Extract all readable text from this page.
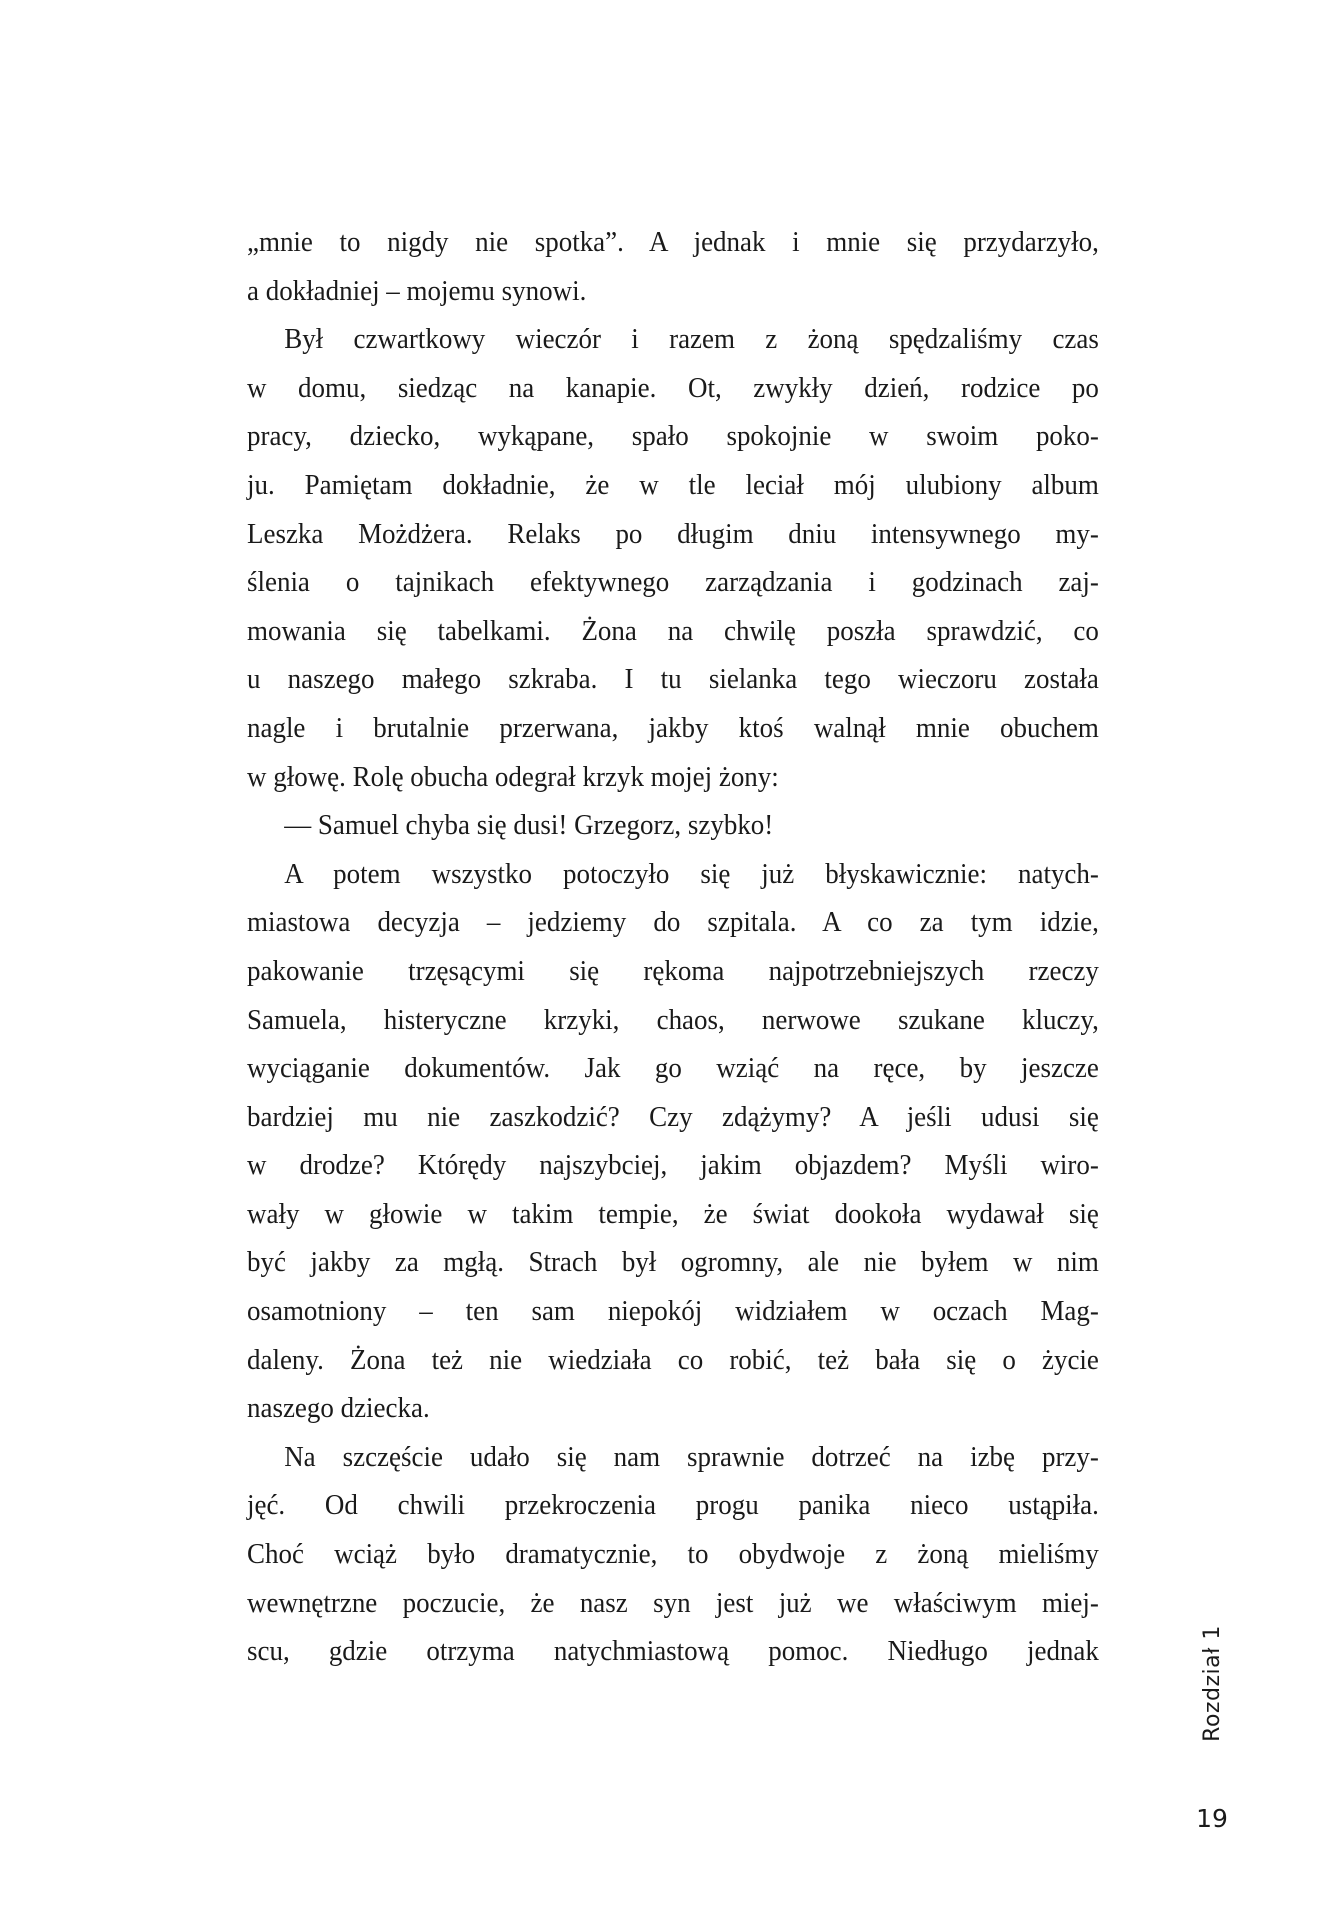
„mnie to nigdy nie spotka”. A jednak i mnie się przydarzyło,
a dokładniej – mojemu synowi.
Był czwartkowy wieczór i razem z żoną spędzaliśmy czas
w domu, siedząc na kanapie. Ot, zwykły dzień, rodzice po
pracy, dziecko, wykąpane, spało spokojnie w swoim poko-
ju. Pamiętam dokładnie, że w tle leciał mój ulubiony album
Leszka Możdżera. Relaks po długim dniu intensywnego my-
ślenia o tajnikach efektywnego zarządzania i godzinach zaj-
mowania się tabelkami. Żona na chwilę poszła sprawdzić, co
u naszego małego szkraba. I tu sielanka tego wieczoru została
nagle i brutalnie przerwana, jakby ktoś walnął mnie obuchem
w głowę. Rolę obucha odegrał krzyk mojej żony:
— Samuel chyba się dusi! Grzegorz, szybko!
A potem wszystko potoczyło się już błyskawicznie: natych-
miastowa decyzja – jedziemy do szpitala. A co za tym idzie,
pakowanie trzęsącymi się rękoma najpotrzebniejszych rzeczy
Samuela, histeryczne krzyki, chaos, nerwowe szukane kluczy,
wyciąganie dokumentów. Jak go wziąć na ręce, by jeszcze
bardziej mu nie zaszkodzić? Czy zdążymy? A jeśli udusi się
w drodze? Którędy najszybciej, jakim objazdem? Myśli wiro-
wały w głowie w takim tempie, że świat dookoła wydawał się
być jakby za mgłą. Strach był ogromny, ale nie byłem w nim
osamotniony – ten sam niepokój widziałem w oczach Mag-
daleny. Żona też nie wiedziała co robić, też bała się o życie
naszego dziecka.
Na szczęście udało się nam sprawnie dotrzeć na izbę przy-
jęć. Od chwili przekroczenia progu panika nieco ustąpiła.
Choć wciąż było dramatycznie, to obydwoje z żoną mieliśmy
wewnętrzne poczucie, że nasz syn jest już we właściwym miej-
scu, gdzie otrzyma natychmiastową pomoc. Niedługo jednak	Rozdział 1
19
